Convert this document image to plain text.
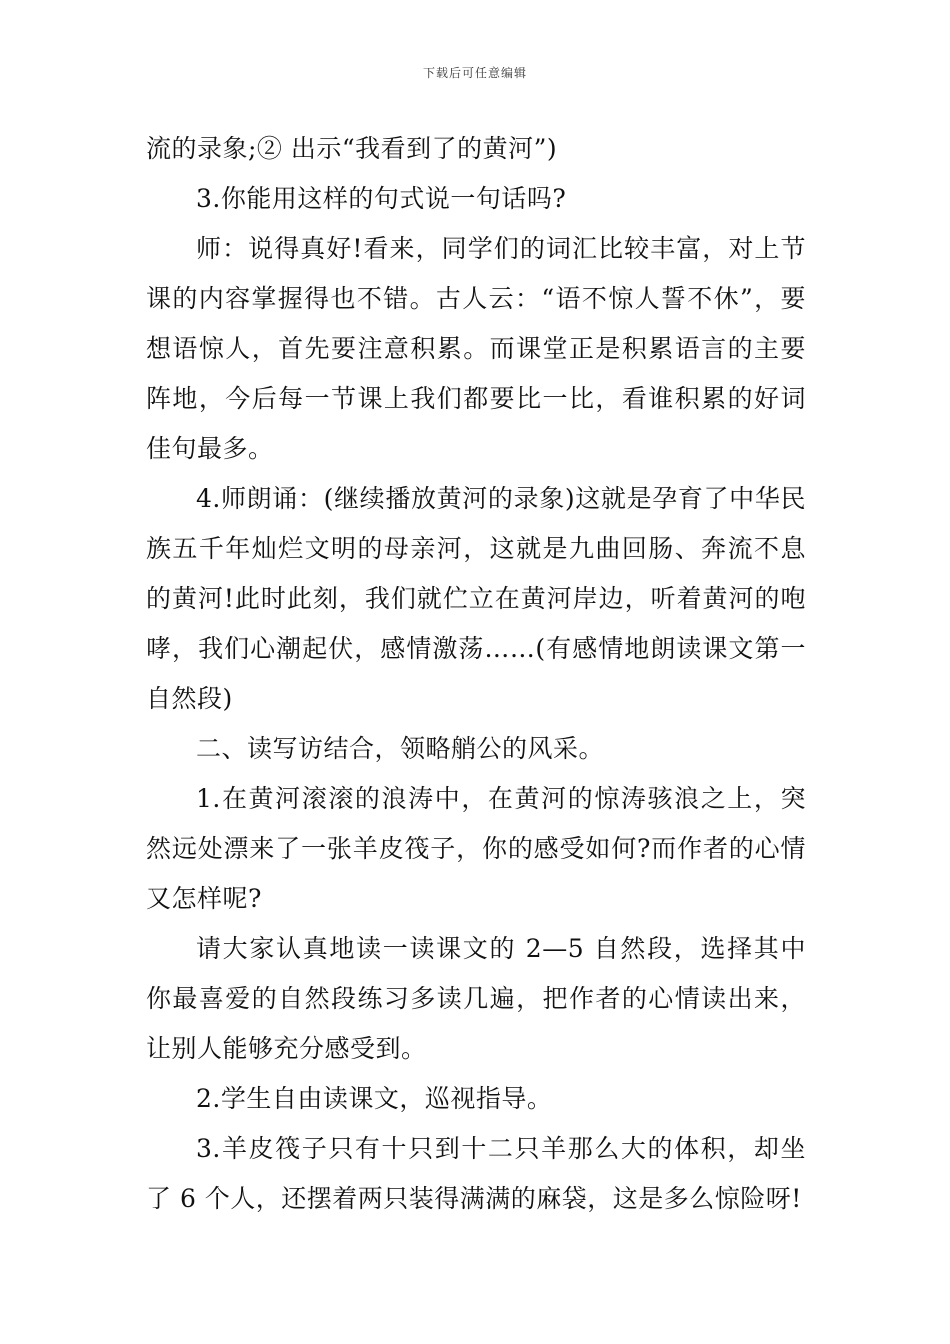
下载后可任意编辑

流的录象;② 出示“我看到了的黄河”)

3.你能用这样的句式说一句话吗?

师：说得真好!看来，同学们的词汇比较丰富，对上节课的内容掌握得也不错。古人云：“语不惊人誓不休”，要想语惊人，首先要注意积累。而课堂正是积累语言的主要阵地，今后每一节课上我们都要比一比，看谁积累的好词佳句最多。

4.师朗诵：(继续播放黄河的录象)这就是孕育了中华民族五千年灿烂文明的母亲河，这就是九曲回肠、奔流不息的黄河!此时此刻，我们就伫立在黄河岸边，听着黄河的咆哮，我们心潮起伏，感情激荡……(有感情地朗读课文第一自然段)

二、读写访结合，领略艄公的风采。

1.在黄河滚滚的浪涛中，在黄河的惊涛骇浪之上，突然远处漂来了一张羊皮筏子，你的感受如何?而作者的心情又怎样呢?

请大家认真地读一读课文的 2—5 自然段，选择其中你最喜爱的自然段练习多读几遍，把作者的心情读出来，让别人能够充分感受到。

2.学生自由读课文，巡视指导。

3.羊皮筏子只有十只到十二只羊那么大的体积，却坐了 6 个人，还摆着两只装得满满的麻袋，这是多么惊险呀!
